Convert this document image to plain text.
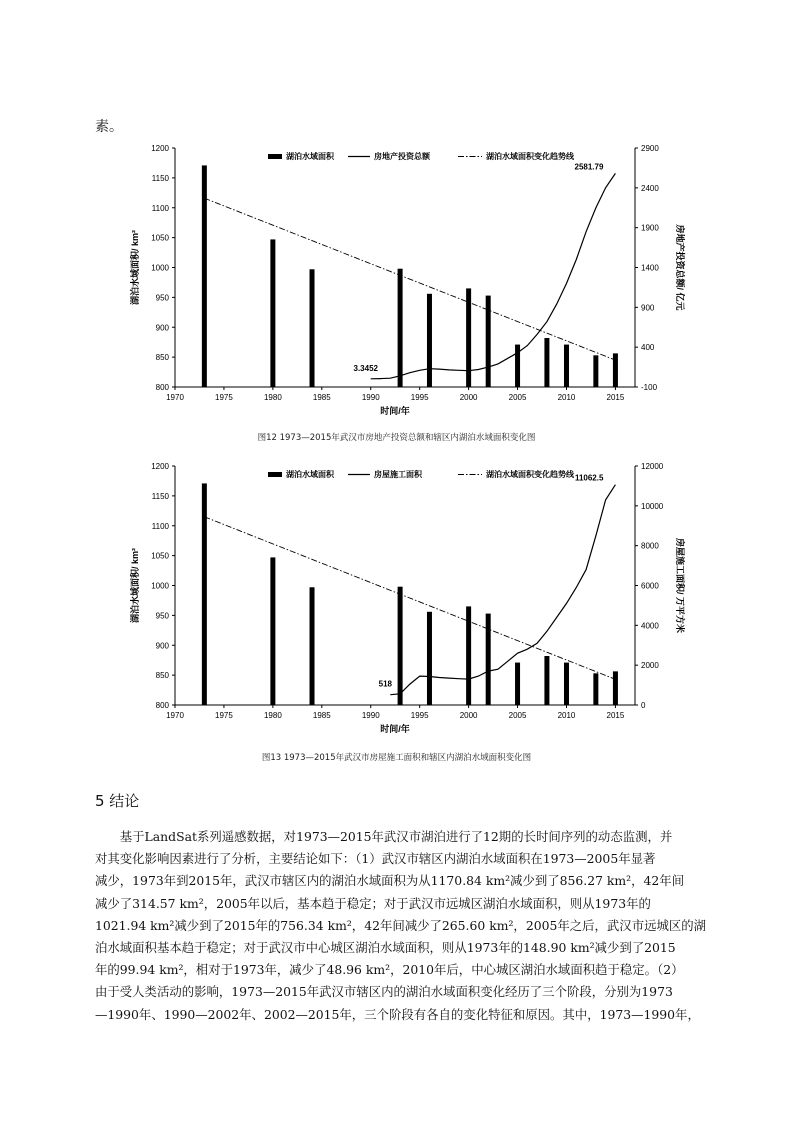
素。
800
850
900
950
1000
1050
1100
1150
1200
-100
400
900
1400
1900
2400
2900
1970	1975	1980	1985	1990	1995	2000	2005	2010	2015
时间/年
湖泊水域面积/ km²	房地产投资总额/ 亿元
3.3452
2581.79
湖泊水域面积	房地产投资总额	湖泊水域面积变化趋势线
图12 1973—2015年武汉市房地产投资总额和辖区内湖泊水域面积变化图
800
850
900
950
1000
1050
1100
1150
1200
0
2000
4000
6000
8000
10000
12000
1970	1975	1980	1985	1990	1995	2000	2005	2010	2015
时间/年
湖泊水域面积/ km²	房屋施工面积/ 万平方米
518
11062.5
湖泊水域面积	房屋施工面积	湖泊水域面积变化趋势线
图13 1973—2015年武汉市房屋施工面积和辖区内湖泊水域面积变化图
5 结论
　　基于LandSat系列遥感数据，对1973—2015年武汉市湖泊进行了12期的长时间序列的动态监测，并
对其变化影响因素进行了分析，主要结论如下：（1）武汉市辖区内湖泊水域面积在1973—2005年显著
减少，1973年到2015年，武汉市辖区内的湖泊水域面积为从1170.84 km²减少到了856.27 km²，42年间
减少了314.57 km²，2005年以后，基本趋于稳定；对于武汉市远城区湖泊水域面积，则从1973年的
1021.94 km²减少到了2015年的756.34 km²，42年间减少了265.60 km²，2005年之后，武汉市远城区的湖
泊水域面积基本趋于稳定；对于武汉市中心城区湖泊水域面积，则从1973年的148.90 km²减少到了2015
年的99.94 km²，相对于1973年，减少了48.96 km²，2010年后，中心城区湖泊水域面积趋于稳定。（2）
由于受人类活动的影响，1973—2015年武汉市辖区内的湖泊水域面积变化经历了三个阶段，分别为1973
—1990年、1990—2002年、2002—2015年，三个阶段有各自的变化特征和原因。其中，1973—1990年，
